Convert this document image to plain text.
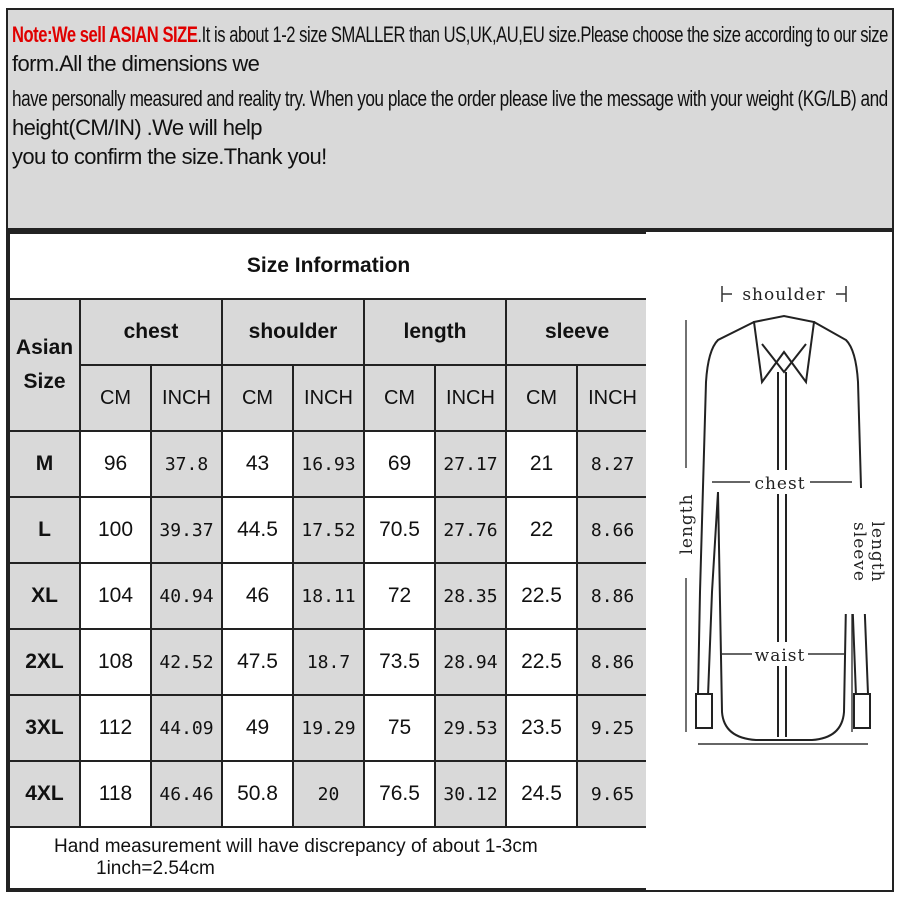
Note:We sell ASIAN SIZE.It is about 1-2 size SMALLER than US,UK,AU,EU size.Please choose the size according to our size
form.All the dimensions we
have personally measured and reality try. When you place the order please live the message with your weight (KG/LB) and
height(CM/IN) .We will help
you to confirm the size.Thank you!
Size Information								

Asian
Size	chest		shoulder		length		sleeve	
	CM	INCH	CM	INCH	CM	INCH	CM	INCH
M	96	37.8	43	16.93	69	27.17	21	8.27
L	100	39.37	44.5	17.52	70.5	27.76	22	8.66
XL	104	40.94	46	18.11	72	28.35	22.5	8.86
2XL	108	42.52	47.5	18.7	73.5	28.94	22.5	8.86
3XL	112	44.09	49	19.29	75	29.53	23.5	9.25
4XL	118	46.46	50.8	20	76.5	30.12	24.5	9.65
Hand measurement will have discrepancy of about 1-3cm 1inch=2.54cm								
shoulder
chest
waist
length	sleeve
length
